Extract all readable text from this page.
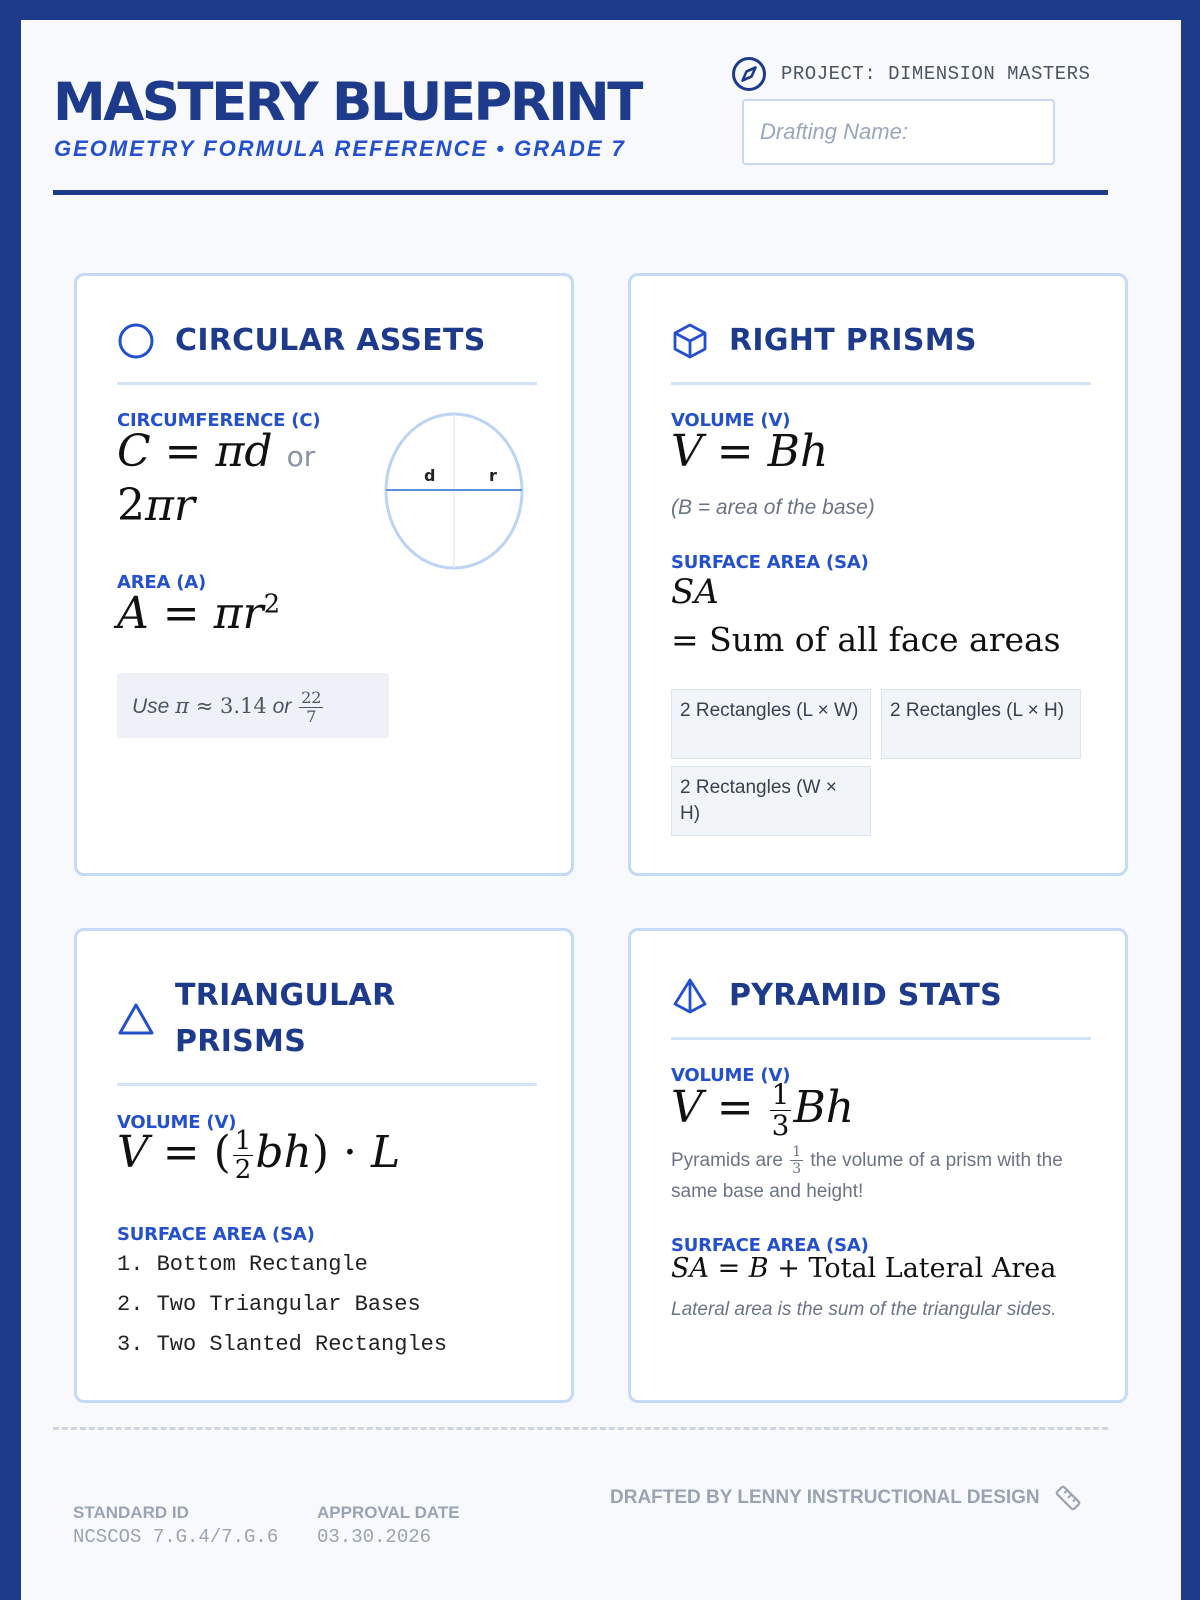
MASTERY BLUEPRINT
GEOMETRY FORMULA REFERENCE • GRADE 7
PROJECT: DIMENSION MASTERS
Drafting Name:
CIRCULAR ASSETS
CIRCUMFERENCE (C)
C = πd or
2πr
d	r
AREA (A)
$A = \pi r^2$
Use π ≈ 3.14 or $\frac{22}{7}$
RIGHT PRISMS
VOLUME (V)
V = Bh
(B = area of the base)
SURFACE AREA (SA)
SA
= Sum of all face areas
2 Rectangles (L × W)	2 Rectangles (L × H)
2 Rectangles (W × H)
TRIANGULAR
PRISMS
VOLUME (V)
V = ( $\frac{1}{2} bh) \cdot L$
SURFACE AREA (SA)
1. Bottom Rectangle
2. Two Triangular Bases
3. Two Slanted Rectangles
PYRAMID STATS
VOLUME (V)
$V = \frac{1}{3}$ Bh
Pyramids are $\frac{1}{3}$ the volume of a prism with the same base and height!
SURFACE AREA (SA)
SA = B + Total Lateral Area
Lateral area is the sum of the triangular sides.
STANDARD ID
NCSCOS 7.G.4/7.G.6
APPROVAL DATE
03.30.2026
DRAFTED BY LENNY INSTRUCTIONAL DESIGN
